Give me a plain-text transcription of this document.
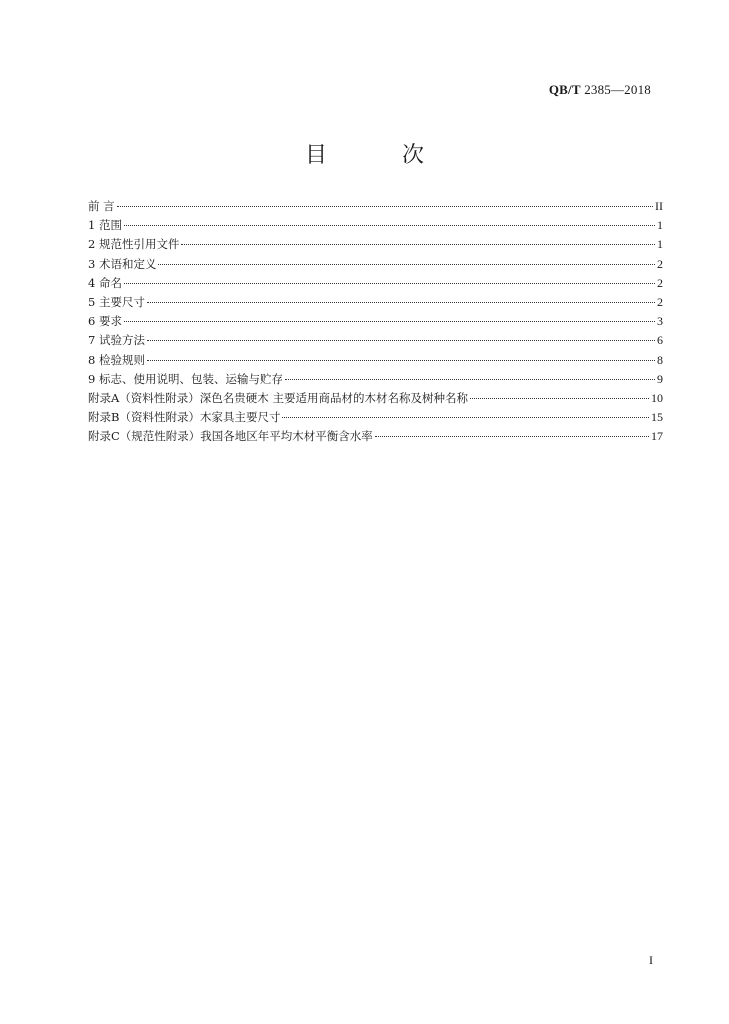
QB/T 2385—2018
目 次
前 言	II
1 范围	1
2 规范性引用文件	1
3 术语和定义	2
4 命名	2
5 主要尺寸	2
6 要求	3
7 试验方法	6
8 检验规则	8
9 标志、使用说明、包装、运输与贮存	9
附录A（资料性附录）深色名贵硬木 主要适用商品材的木材名称及树种名称	10
附录B（资料性附录）木家具主要尺寸	15
附录C（规范性附录）我国各地区年平均木材平衡含水率	17
I
